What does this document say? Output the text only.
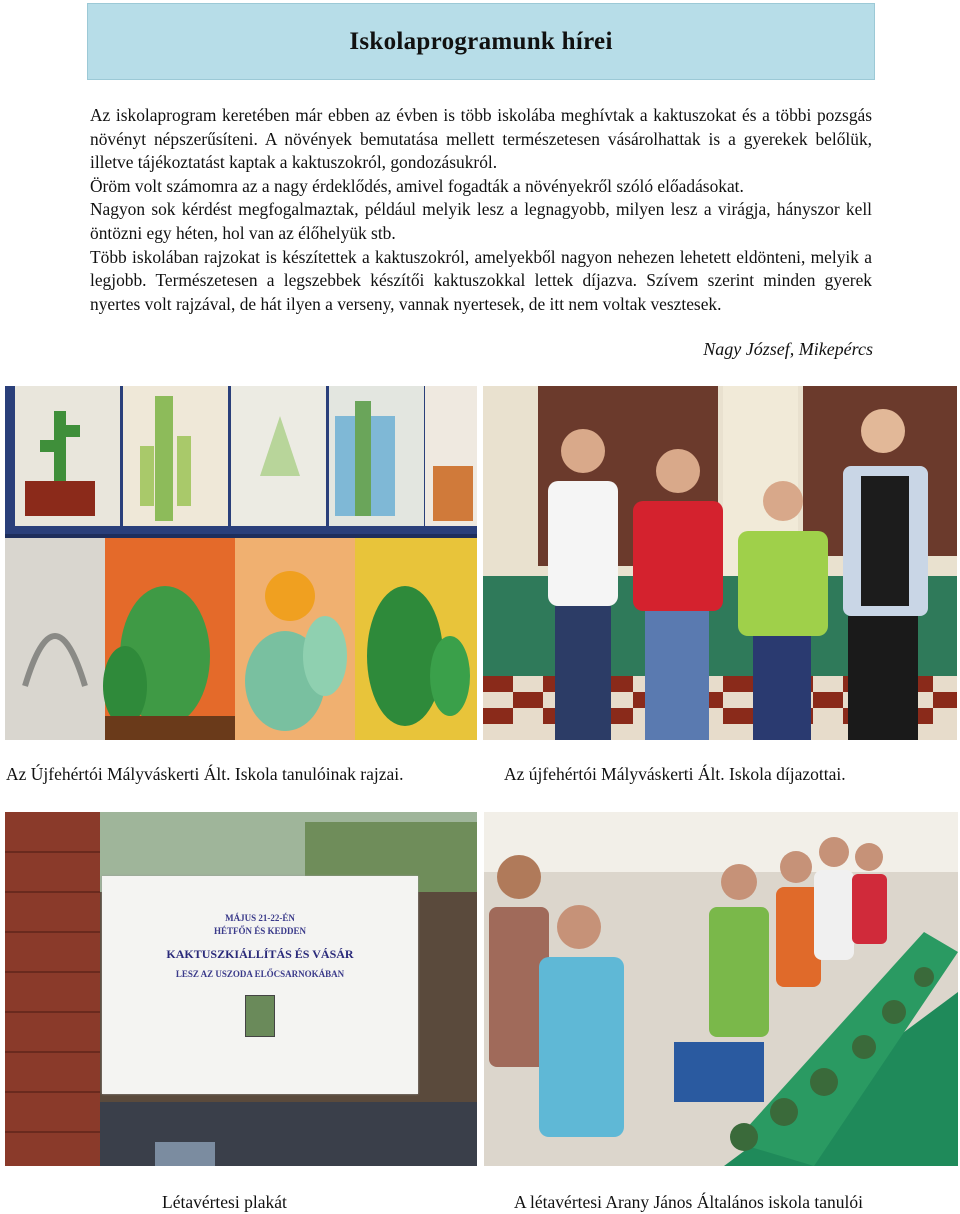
Iskolaprogramunk hírei

Az iskolaprogram keretében már ebben az évben is több iskolába meghívtak a kaktuszokat és a többi pozsgás növényt népszerűsíteni. A növények bemutatása mellett természetesen vásárolhattak is a gyerekek belőlük, illetve tájékoztatást kaptak a kaktuszokról, gondozásukról.

Öröm volt számomra az a nagy érdeklődés, amivel fogadták a növényekről szóló előadásokat.

Nagyon sok kérdést megfogalmaztak, például melyik lesz a legnagyobb, milyen lesz a virágja, hányszor kell öntözni egy héten, hol van az élőhelyük stb.

Több iskolában rajzokat is készítettek a kaktuszokról, amelyekből nagyon nehezen lehetett eldönteni, melyik a legjobb. Természetesen a legszebbek készítői kaktuszokkal lettek díjazva. Szívem szerint minden gyerek nyertes volt rajzával, de hát ilyen a verseny, vannak nyertesek, de itt nem voltak vesztesek.

Nagy József, Mikepércs
Az Újfehértói Mályváskerti Ált. Iskola tanulóinak rajzai.	Az újfehértói Mályváskerti Ált. Iskola díjazottai.
MÁJUS 21-22-ÉN
HÉTFŐN ÉS KEDDEN
KAKTUSZKIÁLLÍTÁS ÉS VÁSÁR
LESZ AZ USZODA ELŐCSARNOKÁBAN
Létavértesi plakát	A létavértesi Arany János Általános iskola tanulói
